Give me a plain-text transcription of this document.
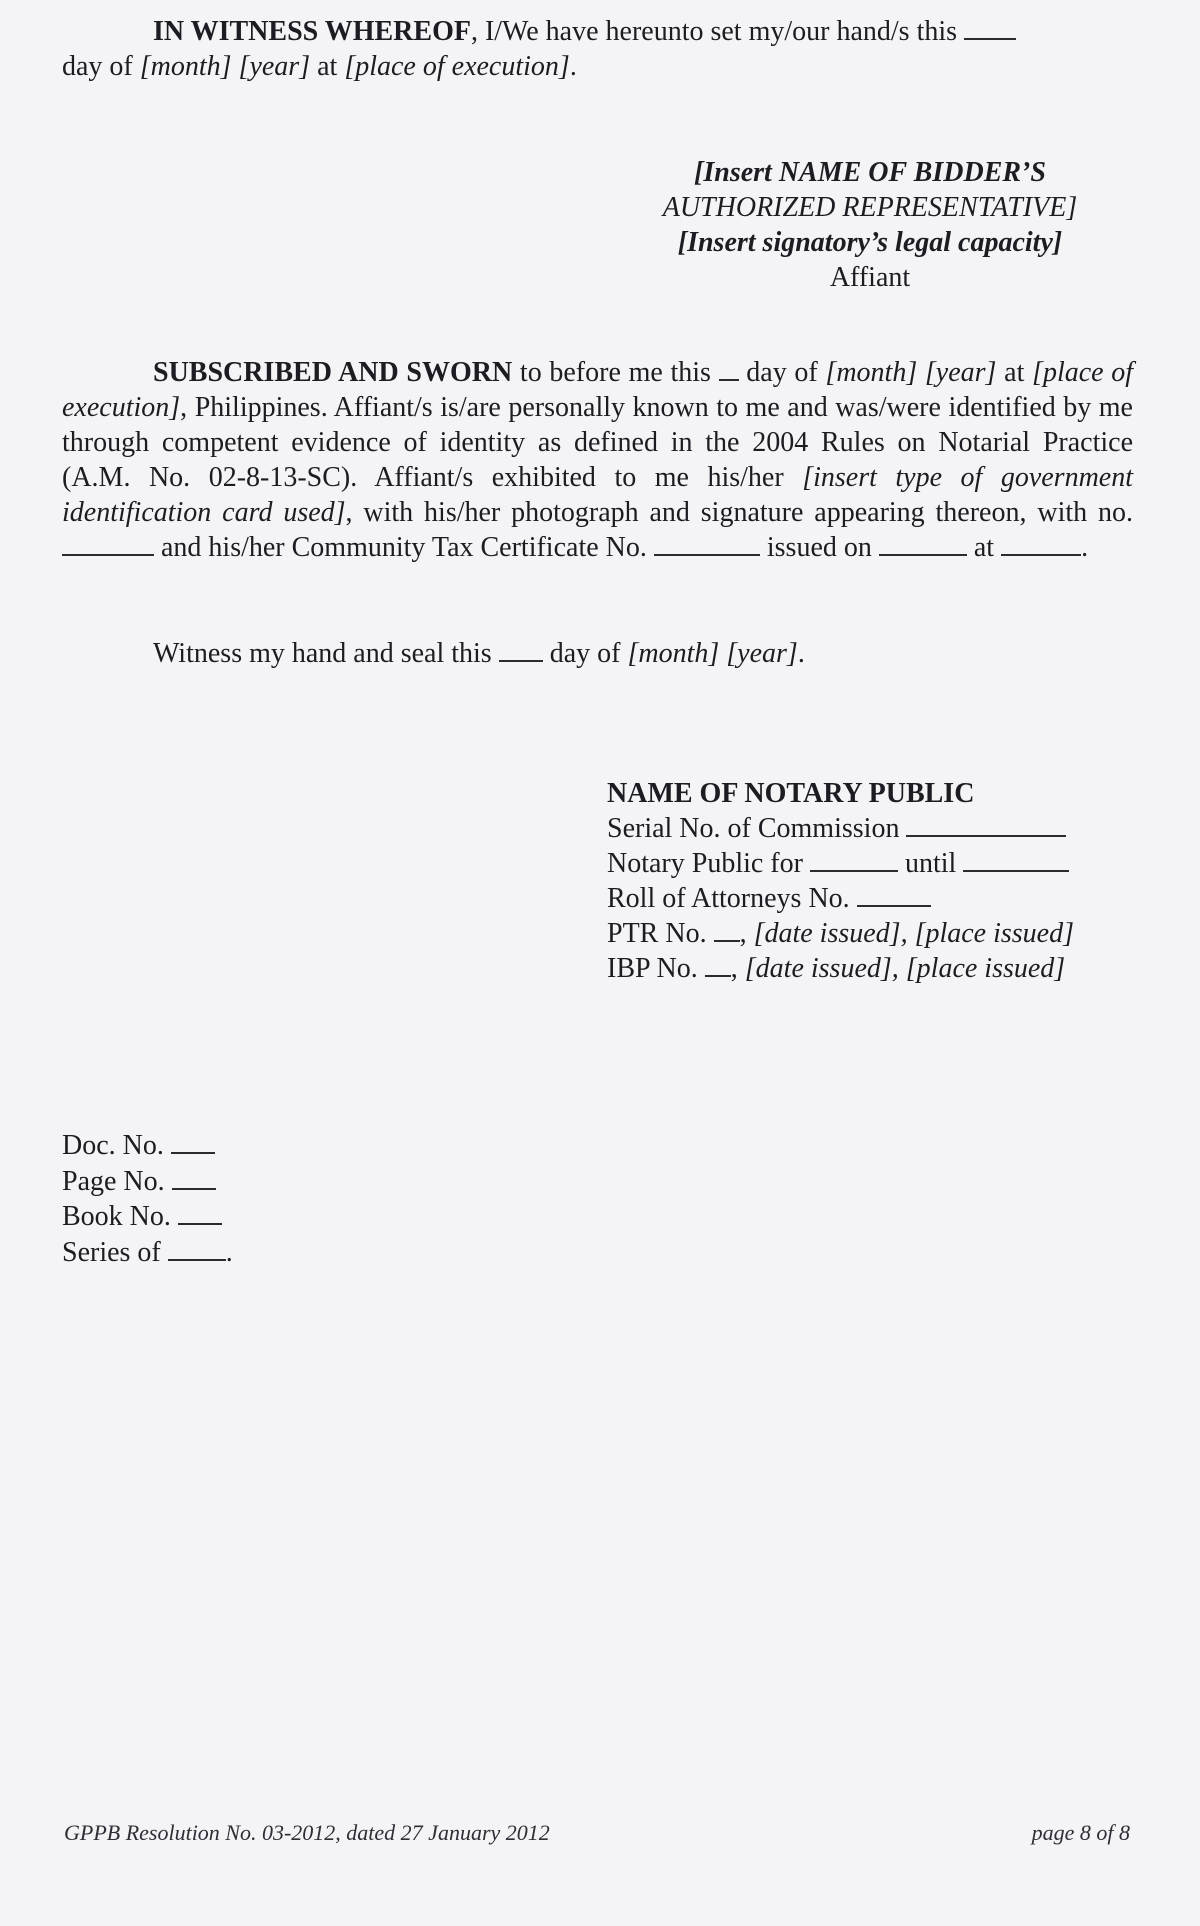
IN WITNESS WHEREOF, I/We have hereunto set my/our hand/s this
day of [month] [year] at [place of execution].

[Insert NAME OF BIDDER’S

AUTHORIZED REPRESENTATIVE]

[Insert signatory’s legal capacity]

Affiant

SUBSCRIBED AND SWORN to before me this day of [month] [year] at [place of execution], Philippines. Affiant/s is/are personally known to me and was/were identified by me through competent evidence of identity as defined in the 2004 Rules on Notarial Practice (A.M. No. 02-8-13-SC). Affiant/s exhibited to me his/her [insert type of government identification card used], with his/her photograph and signature appearing thereon, with no.  and his/her Community Tax Certificate No.	issued on	at	.

Witness my hand and seal this day of [month] [year].

NAME OF NOTARY PUBLIC

Serial No. of Commission

Notary Public for	until

Roll of Attorneys No.

PTR No. , [date issued], [place issued]

IBP No. , [date issued], [place issued]

Doc. No.

Page No.

Book No.

Series of .

GPPB Resolution No. 03-2012, dated 27 January 2012	page 8 of 8
